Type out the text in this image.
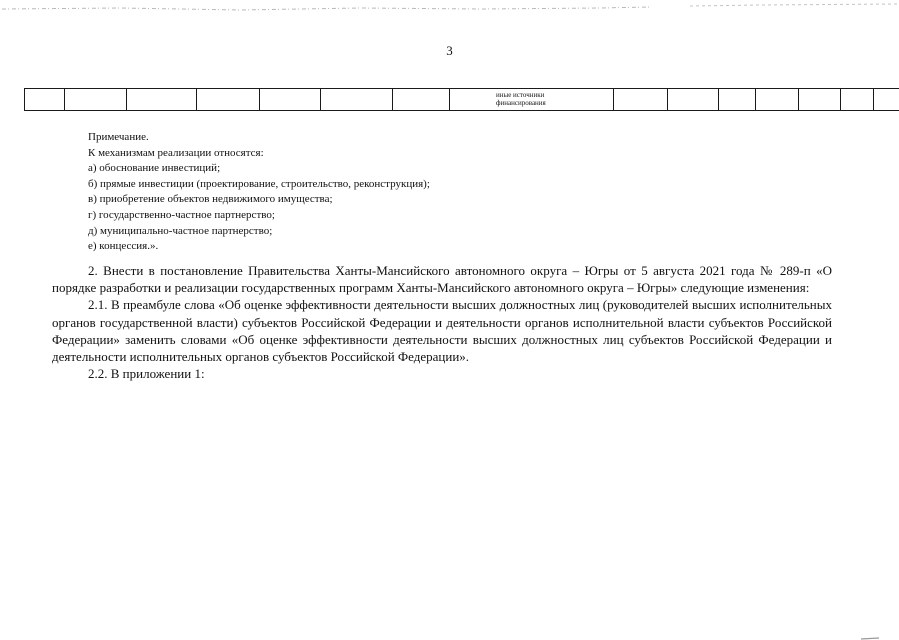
3

иные источники
финансирования

Примечание.
К механизмам реализации относятся:
а) обоснование инвестиций;
б) прямые инвестиции (проектирование, строительство, реконструкция);
в) приобретение объектов недвижимого имущества;
г) государственно-частное партнерство;
д) муниципально-частное партнерство;
е) концессия.».

2. Внести в постановление Правительства Ханты-Мансийского автономного округа – Югры от 5 августа 2021 года № 289-п «О порядке разработки и реализации государственных программ Ханты-Мансийского автономного округа – Югры» следующие изменения:

2.1. В преамбуле слова «Об оценке эффективности деятельности высших должностных лиц (руководителей высших исполнительных органов государственной власти) субъектов Российской Федерации и деятельности органов исполнительной власти субъектов Российской Федерации» заменить словами «Об оценке эффективности деятельности высших должностных лиц субъектов Российской Федерации и деятельности исполнительных органов субъектов Российской Федерации».

2.2. В приложении 1:
